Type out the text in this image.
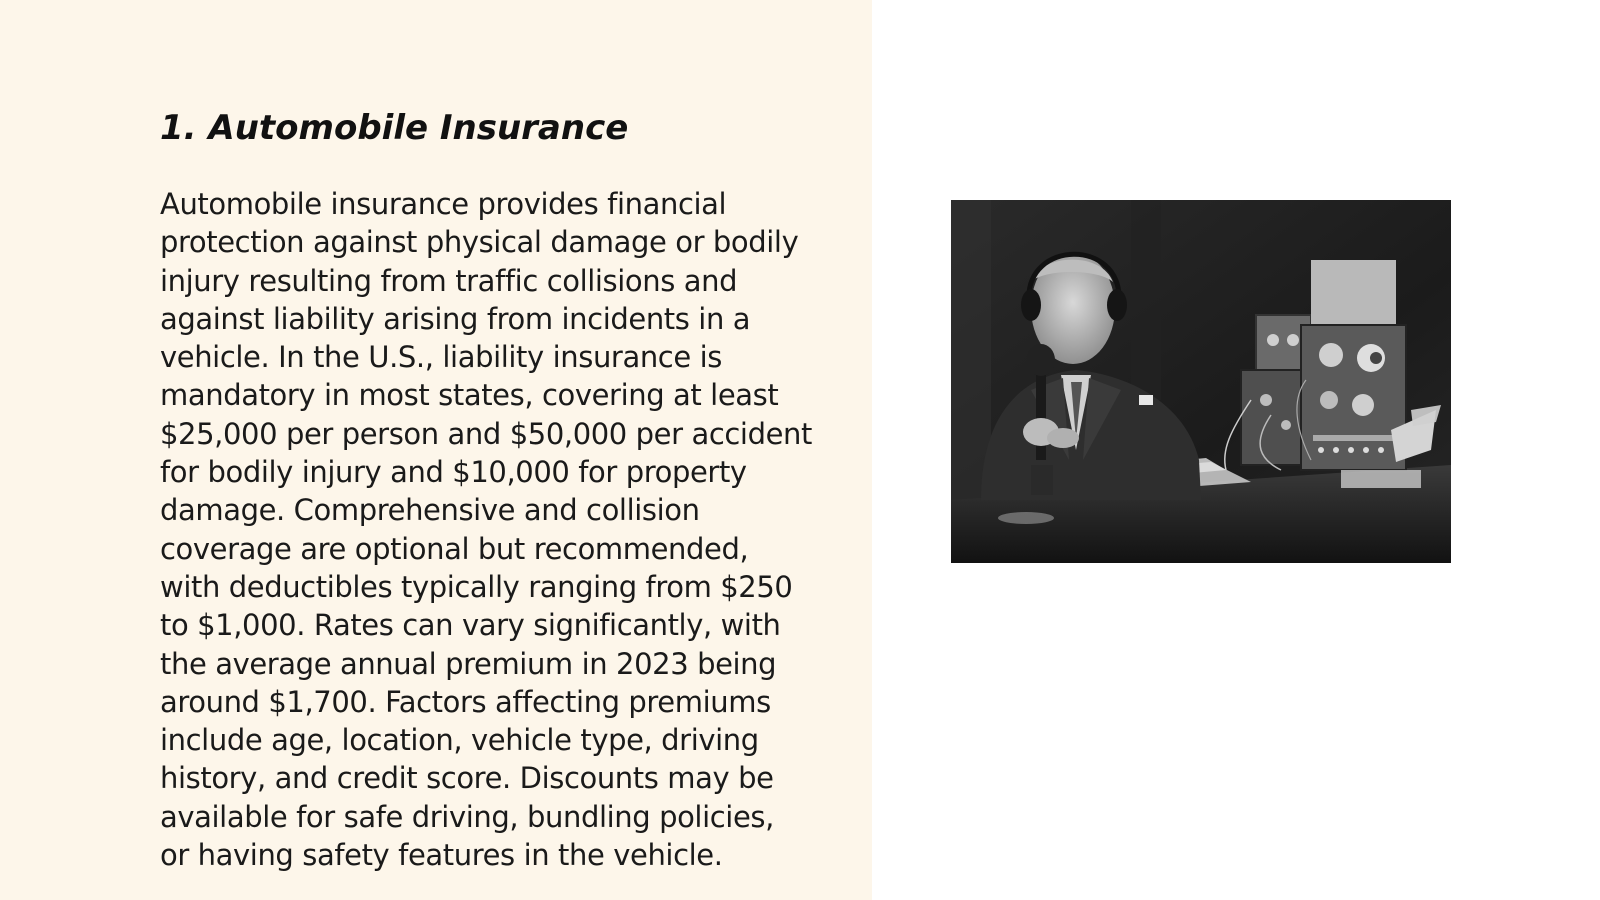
1. Automobile Insurance

Automobile insurance provides financial
protection against physical damage or bodily
injury resulting from traffic collisions and
against liability arising from incidents in a
vehicle. In the U.S., liability insurance is
mandatory in most states, covering at least
$25,000 per person and $50,000 per accident
for bodily injury and $10,000 for property
damage. Comprehensive and collision
coverage are optional but recommended,
with deductibles typically ranging from $250
to $1,000. Rates can vary significantly, with
the average annual premium in 2023 being
around $1,700. Factors affecting premiums
include age, location, vehicle type, driving
history, and credit score. Discounts may be
available for safe driving, bundling policies,
or having safety features in the vehicle.
